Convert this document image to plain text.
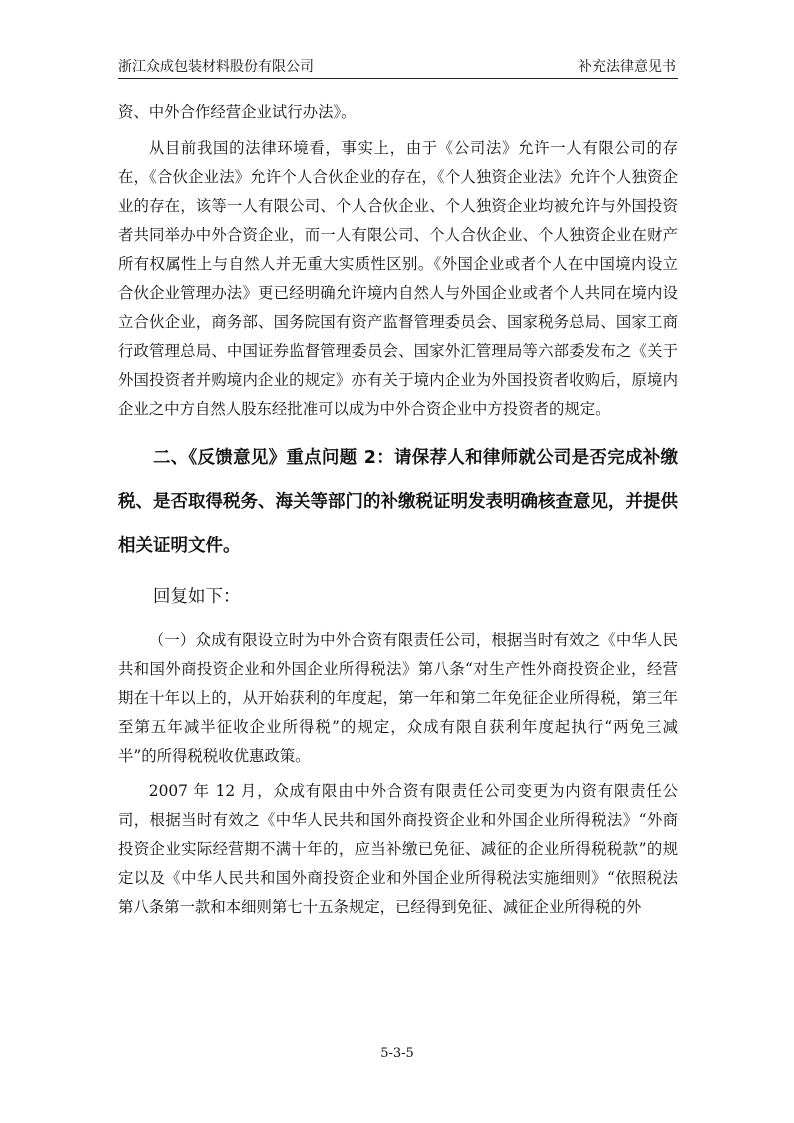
浙江众成包装材料股份有限公司	补充法律意见书

资、中外合作经营企业试行办法》。

从目前我国的法律环境看，事实上，由于《公司法》允许一人有限公司的存在，《合伙企业法》允许个人合伙企业的存在，《个人独资企业法》允许个人独资企业的存在，该等一人有限公司、个人合伙企业、个人独资企业均被允许与外国投资者共同举办中外合资企业，而一人有限公司、个人合伙企业、个人独资企业在财产所有权属性上与自然人并无重大实质性区别。《外国企业或者个人在中国境内设立合伙企业管理办法》更已经明确允许境内自然人与外国企业或者个人共同在境内设立合伙企业，商务部、国务院国有资产监督管理委员会、国家税务总局、国家工商行政管理总局、中国证券监督管理委员会、国家外汇管理局等六部委发布之《关于外国投资者并购境内企业的规定》亦有关于境内企业为外国投资者收购后，原境内企业之中方自然人股东经批准可以成为中外合资企业中方投资者的规定。

二、《反馈意见》重点问题 2：请保荐人和律师就公司是否完成补缴税、是否取得税务、海关等部门的补缴税证明发表明确核查意见，并提供相关证明文件。

回复如下：

（一）众成有限设立时为中外合资有限责任公司，根据当时有效之《中华人民共和国外商投资企业和外国企业所得税法》第八条“对生产性外商投资企业，经营期在十年以上的，从开始获利的年度起，第一年和第二年免征企业所得税，第三年至第五年减半征收企业所得税”的规定，众成有限自获利年度起执行“两免三减半”的所得税税收优惠政策。

2007 年 12 月，众成有限由中外合资有限责任公司变更为内资有限责任公司，根据当时有效之《中华人民共和国外商投资企业和外国企业所得税法》“外商投资企业实际经营期不满十年的，应当补缴已免征、减征的企业所得税税款”的规定以及《中华人民共和国外商投资企业和外国企业所得税法实施细则》“依照税法第八条第一款和本细则第七十五条规定，已经得到免征、减征企业所得税的外

5-3-5
